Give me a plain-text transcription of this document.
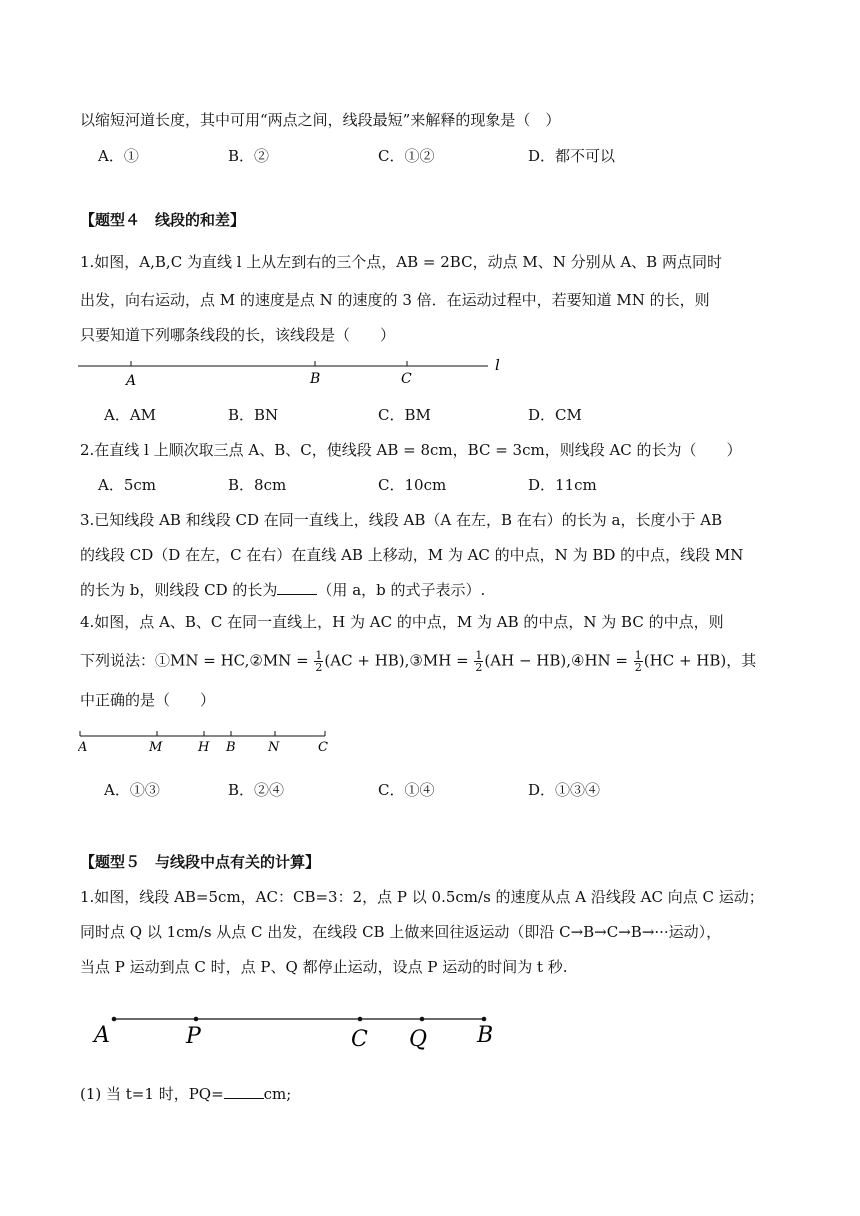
以缩短河道长度，其中可用“两点之间，线段最短”来解释的现象是（　）
A．①	B．②	C．①②	D．都不可以
【题型４　线段的和差】
1.如图，A,B,C 为直线 l 上从左到右的三个点，AB = 2BC，动点 M、N 分别从 A、B 两点同时
出发，向右运动，点 M 的速度是点 N 的速度的 3 倍．在运动过程中，若要知道 MN 的长，则
只要知道下列哪条线段的长，该线段是（　　）
A	B	C
l
A．AM	B．BN	C．BM	D．CM
2.在直线 l 上顺次取三点 A、B、C，使线段 AB = 8cm，BC = 3cm，则线段 AC 的长为（　　）
A．5cm	B．8cm	C．10cm	D．11cm
3.已知线段 AB 和线段 CD 在同一直线上，线段 AB（A 在左，B 在右）的长为 a，长度小于 AB
的线段 CD（D 在左，C 在右）在直线 AB 上移动，M 为 AC 的中点，N 为 BD 的中点，线段 MN
的长为 b，则线段 CD 的长为	（用 a，b 的式子表示）.
4.如图，点 A、B、C 在同一直线上，H 为 AC 的中点，M 为 AB 的中点，N 为 BC 的中点，则
下列说法：①MN = HC,②MN = $\frac{1}{2} (AC$ + HB),③MH = $\frac{1}{2} (AH$ − HB),④HN = $\frac{1}{2} (HC + HB)$，其
中正确的是（　　）
A	M	H B N	C
A．①③	B．②④	C．①④	D．①③④
【题型５　与线段中点有关的计算】
1.如图，线段 AB=5cm，AC：CB=3：2，点 P 以 0.5cm/s 的速度从点 A 沿线段 AC 向点 C 运动；
同时点 Q 以 1cm/s 从点 C 出发，在线段 CB 上做来回往返运动（即沿 C→B→C→B→···运动），
当点 P 运动到点 C 时，点 P、Q 都停止运动，设点 P 运动的时间为 t 秒.
A	P	C Q B
(1) 当 t=1 时，PQ=	cm;
